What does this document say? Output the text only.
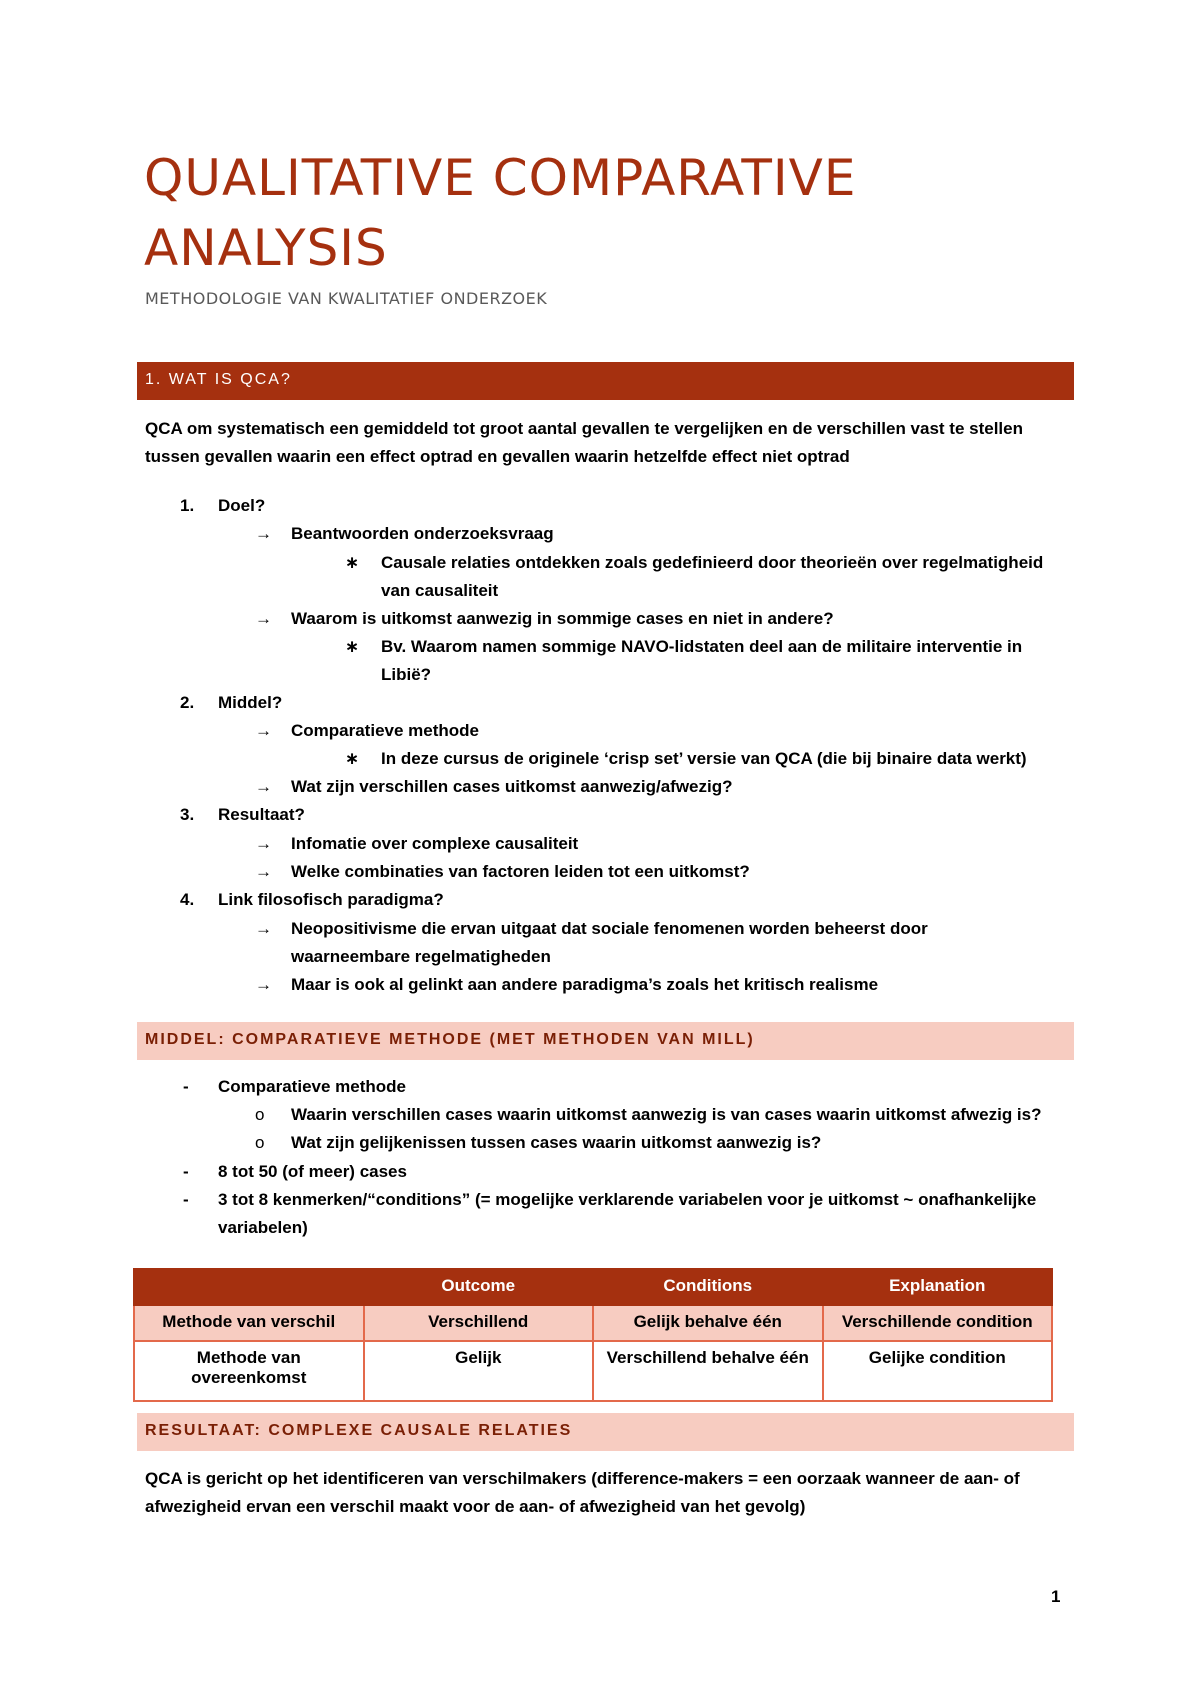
QUALITATIVE COMPARATIVE ANALYSIS
METHODOLOGIE VAN KWALITATIEF ONDERZOEK
1. WAT IS QCA?
QCA om systematisch een gemiddeld tot groot aantal gevallen te vergelijken en de verschillen vast te stellen
tussen gevallen waarin een effect optrad en gevallen waarin hetzelfde effect niet optrad
1. Doel?
→ Beantwoorden onderzoeksvraag
∗ Causale relaties ontdekken zoals gedefinieerd door theorieën over regelmatigheid
van causaliteit
→ Waarom is uitkomst aanwezig in sommige cases en niet in andere?
∗ Bv. Waarom namen sommige NAVO-lidstaten deel aan de militaire interventie in
Libië?
2. Middel?
→ Comparatieve methode
∗ In deze cursus de originele ‘crisp set’ versie van QCA (die bij binaire data werkt)
→ Wat zijn verschillen cases uitkomst aanwezig/afwezig?
3. Resultaat?
→ Infomatie over complexe causaliteit
→ Welke combinaties van factoren leiden tot een uitkomst?
4. Link filosofisch paradigma?
→ Neopositivisme die ervan uitgaat dat sociale fenomenen worden beheerst door
waarneembare regelmatigheden
→ Maar is ook al gelinkt aan andere paradigma’s zoals het kritisch realisme
MIDDEL: COMPARATIEVE METHODE (MET METHODEN VAN MILL)
- Comparatieve methode
o Waarin verschillen cases waarin uitkomst aanwezig is van cases waarin uitkomst afwezig is?
o Wat zijn gelijkenissen tussen cases waarin uitkomst aanwezig is?
- 8 tot 50 (of meer) cases
- 3 tot 8 kenmerken/“conditions” (= mogelijke verklarende variabelen voor je uitkomst ~ onafhankelijke
variabelen)
	Outcome	Conditions	Explanation
Methode van verschil	Verschillend	Gelijk behalve één	Verschillende condition
Methode van overeenkomst	Gelijk	Verschillend behalve één	Gelijke condition
RESULTAAT: COMPLEXE CAUSALE RELATIES
QCA is gericht op het identificeren van verschilmakers (difference-makers = een oorzaak wanneer de aan- of
afwezigheid ervan een verschil maakt voor de aan- of afwezigheid van het gevolg)
1
